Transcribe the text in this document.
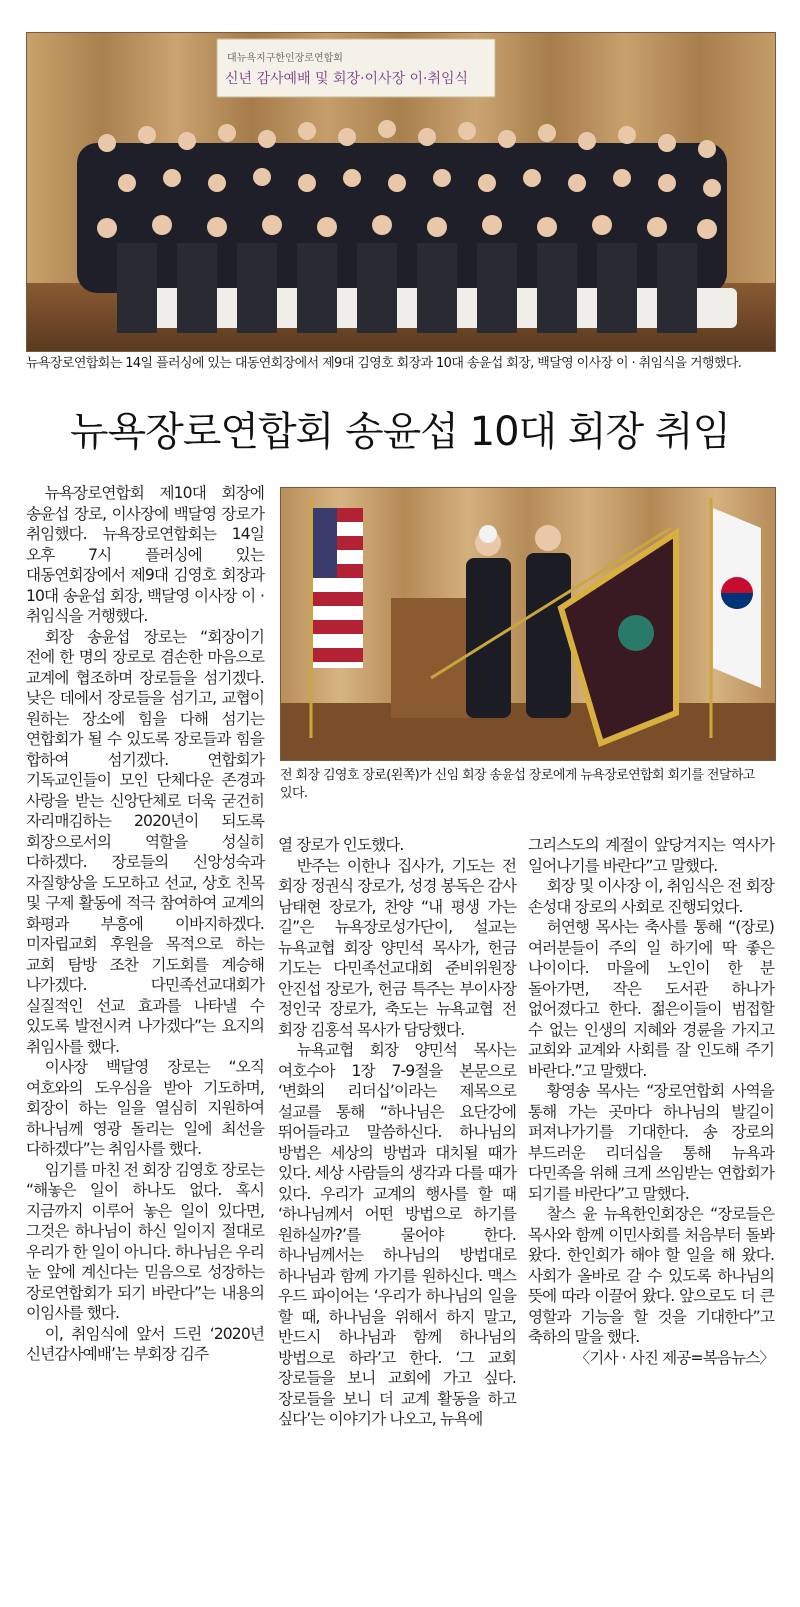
대뉴욕지구한인장로연합회
신년 감사예배 및 회장·이사장 이·취임식
뉴욕장로연합회는 14일 플러싱에 있는 대동연회장에서 제9대 김영호 회장과 10대 송윤섭 회장, 백달영 이사장 이 · 취임식을 거행했다.
뉴욕장로연합회 송윤섭 10대 회장 취임
전 회장 김영호 장로(왼쪽)가 신임 회장 송윤섭 장로에게 뉴욕장로연합회 회기를 전달하고 있다.

뉴욕장로연합회 제10대 회장에 송윤섭 장로, 이사장에 백달영 장로가 취임했다. 뉴욕장로연합회는 14일 오후 7시 플러싱에 있는 대동연회장에서 제9대 김영호 회장과 10대 송윤섭 회장, 백달영 이사장 이 · 취임식을 거행했다.

회장 송윤섭 장로는 “회장이기 전에 한 명의 장로로 겸손한 마음으로 교계에 협조하며 장로들을 섬기겠다. 낮은 데에서 장로들을 섬기고, 교협이 원하는 장소에 힘을 다해 섬기는 연합회가 될 수 있도록 장로들과 힘을 합하여 섬기겠다. 연합회가 기독교인들이 모인 단체다운 존경과 사랑을 받는 신앙단체로 더욱 굳건히 자리매김하는 2020년이 되도록 회장으로서의 역할을 성실히 다하겠다. 장로들의 신앙성숙과 자질향상을 도모하고 선교, 상호 친목 및 구제 활동에 적극 참여하여 교계의 화평과 부흥에 이바지하겠다. 미자립교회 후원을 목적으로 하는 교회 탐방 조찬 기도회를 계승해 나가겠다. 다민족선교대회가 실질적인 선교 효과를 나타낼 수 있도록 발전시켜 나가겠다”는 요지의 취임사를 했다.

이사장 백달영 장로는 “오직 여호와의 도우심을 받아 기도하며, 회장이 하는 일을 열심히 지원하여 하나님께 영광 돌리는 일에 최선을 다하겠다”는 취임사를 했다.

임기를 마친 전 회장 김영호 장로는 “해놓은 일이 하나도 없다. 혹시 지금까지 이루어 놓은 일이 있다면, 그것은 하나님이 하신 일이지 절대로 우리가 한 일이 아니다. 하나님은 우리 눈 앞에 계신다는 믿음으로 성장하는 장로연합회가 되기 바란다”는 내용의 이임사를 했다.

이, 취임식에 앞서 드린 ‘2020년 신년감사예배’는 부회장 김주

열 장로가 인도했다.

반주는 이한나 집사가, 기도는 전 회장 정권식 장로가, 성경 봉독은 감사 남태현 장로가, 찬양 “내 평생 가는 길”은 뉴욕장로성가단이, 설교는 뉴욕교협 회장 양민석 목사가, 헌금 기도는 다민족선교대회 준비위원장 안진섭 장로가, 헌금 특주는 부이사장 정인국 장로가, 축도는 뉴욕교협 전 회장 김홍석 목사가 담당했다.

뉴욕교협 회장 양민석 목사는 여호수아 1장 7-9절을 본문으로 ‘변화의 리더십’이라는 제목으로 설교를 통해 “하나님은 요단강에 뛰어들라고 말씀하신다. 하나님의 방법은 세상의 방법과 대치될 때가 있다. 세상 사람들의 생각과 다를 때가 있다. 우리가 교계의 행사를 할 때 ‘하나님께서 어떤 방법으로 하기를 원하실까?’를 물어야 한다. 하나님께서는 하나님의 방법대로 하나님과 함께 가기를 원하신다. 맥스 우드 파이어는 ‘우리가 하나님의 일을 할 때, 하나님을 위해서 하지 말고, 반드시 하나님과 함께 하나님의 방법으로 하라’고 한다. ‘그 교회 장로들을 보니 교회에 가고 싶다. 장로들을 보니 더 교계 활동을 하고 싶다’는 이야기가 나오고, 뉴욕에

그리스도의 계절이 앞당겨지는 역사가 일어나기를 바란다”고 말했다.

회장 및 이사장 이, 취임식은 전 회장 손성대 장로의 사회로 진행되었다.

허연행 목사는 축사를 통해 “(장로)여러분들이 주의 일 하기에 딱 좋은 나이이다. 마을에 노인이 한 분 돌아가면, 작은 도서관 하나가 없어졌다고 한다. 젊은이들이 범접할 수 없는 인생의 지혜와 경륜을 가지고 교회와 교계와 사회를 잘 인도해 주기 바란다.”고 말했다.

황영송 목사는 “장로연합회 사역을 통해 가는 곳마다 하나님의 발길이 퍼져나가기를 기대한다. 송 장로의 부드러운 리더십을 통해 뉴욕과 다민족을 위해 크게 쓰임받는 연합회가 되기를 바란다”고 말했다.

찰스 윤 뉴욕한인회장은 “장로들은 목사와 함께 이민사회를 처음부터 돌봐 왔다. 한인회가 해야 할 일을 해 왔다. 사회가 올바로 갈 수 있도록 하나님의 뜻에 따라 이끌어 왔다. 앞으로도 더 큰 영할과 기능을 할 것을 기대한다”고 축하의 말을 했다.

〈기사 · 사진 제공=복음뉴스〉
